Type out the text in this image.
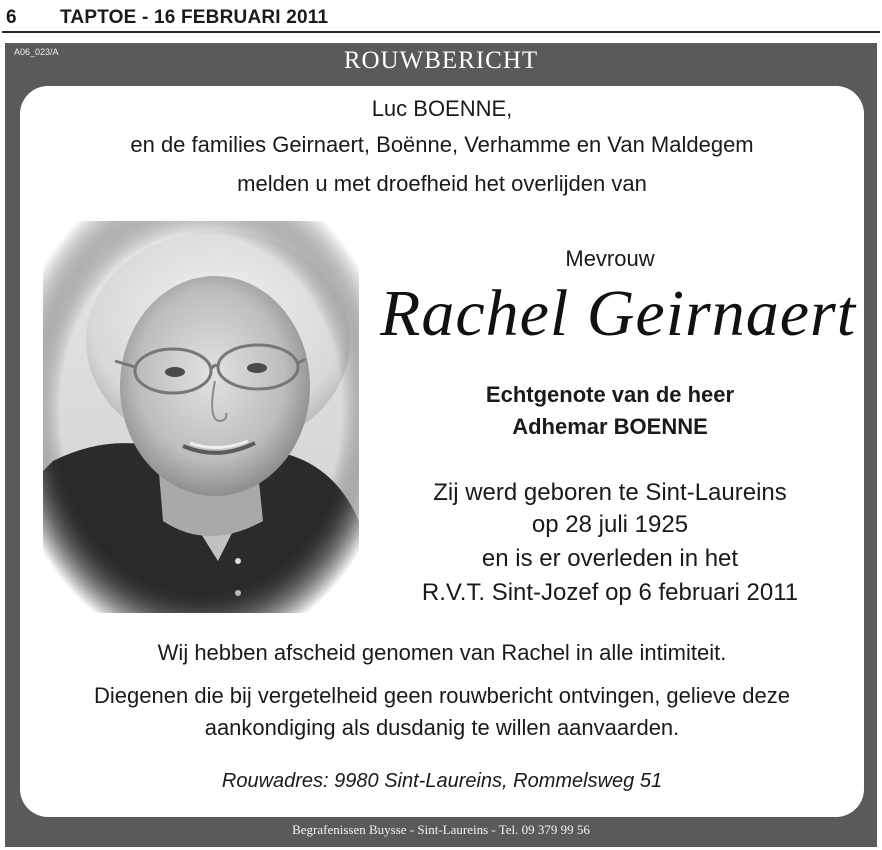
6 TAPTOE - 16 FEBRUARI 2011
A06_023/A	ROUWBERICHT
Luc BOENNE,
en de families Geirnaert, Boënne, Verhamme en Van Maldegem
melden u met droefheid het overlijden van
Mevrouw
Rachel Geirnaert
Echtgenote van de heer
Adhemar BOENNE
Zij werd geboren te Sint-Laureins
op 28 juli 1925
en is er overleden in het
R.V.T. Sint-Jozef op 6 februari 2011
Wij hebben afscheid genomen van Rachel in alle intimiteit.
Diegenen die bij vergetelheid geen rouwbericht ontvingen, gelieve deze
aankondiging als dusdanig te willen aanvaarden.
Rouwadres: 9980 Sint-Laureins, Rommelsweg 51
Begrafenissen Buysse - Sint-Laureins - Tel. 09 379 99 56
